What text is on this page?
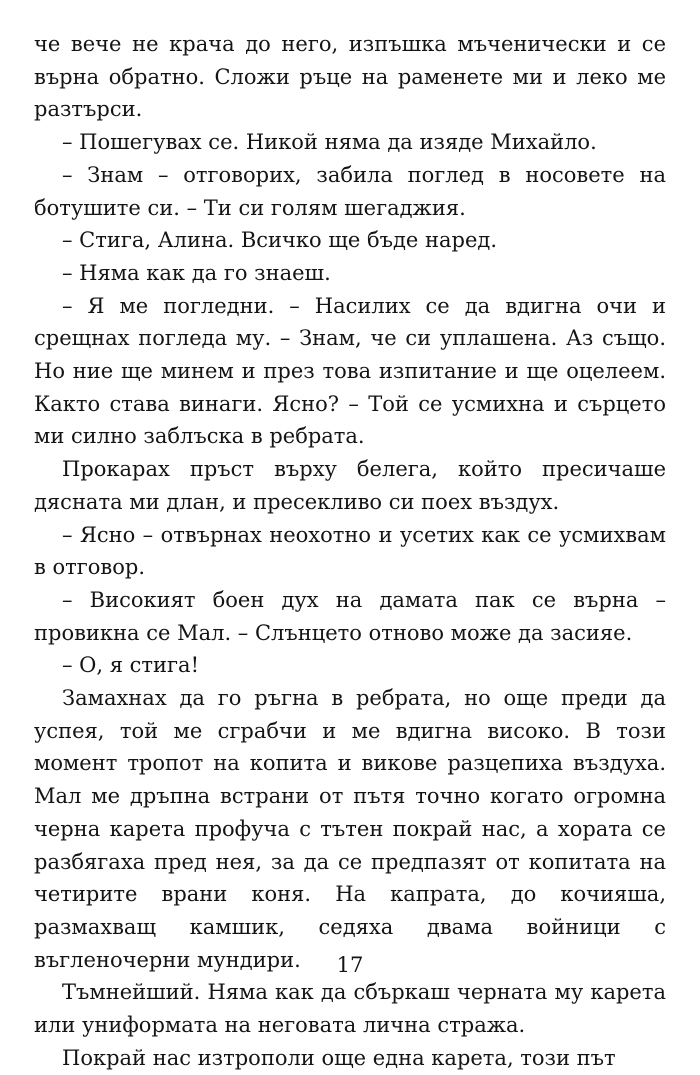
че вече не крача до него, изпъшка мъченически и се върна обратно. Сложи ръце на раменете ми и леко ме разтърси.

– Пошегувах се. Никой няма да изяде Михайло.

– Знам – отговорих, забила поглед в носовете на ботушите си. – Ти си голям шегаджия.

– Стига, Алина. Всичко ще бъде наред.

– Няма как да го знаеш.

– Я ме погледни. – Насилих се да вдигна очи и срещнах погледа му. – Знам, че си уплашена. Аз също. Но ние ще минем и през това изпитание и ще оцелеем. Както става винаги. Ясно? – Той се усмихна и сърцето ми силно заблъска в ребрата.

Прокарах пръст върху белега, който пресичаше дясната ми длан, и пресекливо си поех въздух.

– Ясно – отвърнах неохотно и усетих как се усмихвам в отговор.

– Високият боен дух на дамата пак се върна – провикна се Мал. – Слънцето отново може да засияе.

– О, я стига!

Замахнах да го ръгна в ребрата, но още преди да успея, той ме сграбчи и ме вдигна високо. В този момент тропот на копита и викове разцепиха въздуха. Мал ме дръпна встрани от пътя точно когато огромна черна карета профуча с тътен покрай нас, а хората се разбягаха пред нея, за да се предпазят от копитата на четирите врани коня. На капрата, до кочияша, размахващ камшик, седяха двама войници с въгленочерни мундири.

Тъмнейший. Няма как да сбъркаш черната му карета или униформата на неговата лична стража.

Покрай нас изтрополи още една карета, този път

17
